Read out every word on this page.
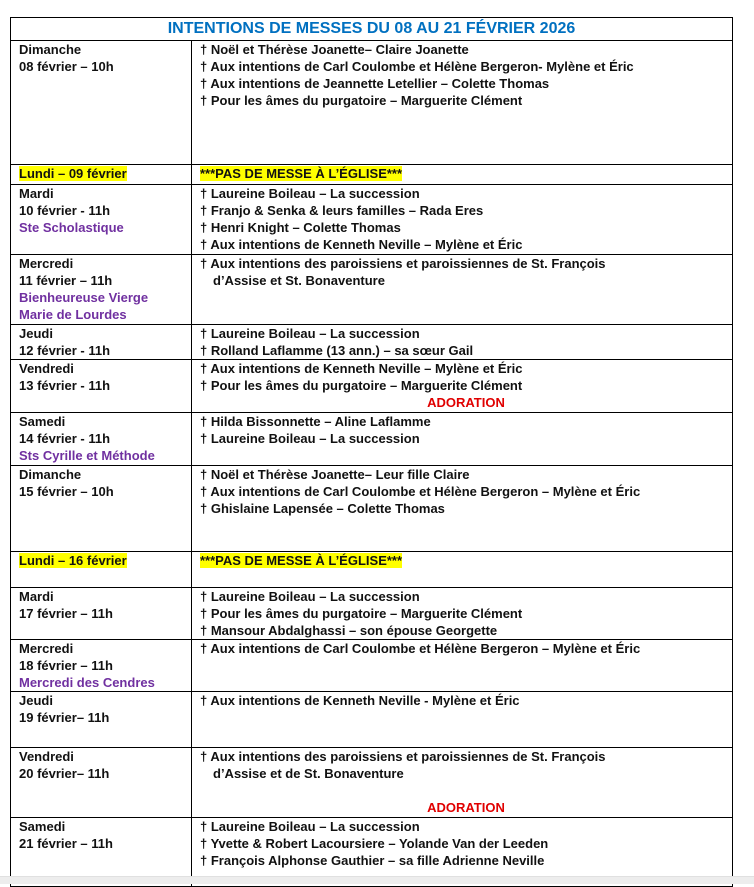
INTENTIONS DE MESSES DU 08 AU 21 FÉVRIER 2026	

Dimanche
08 février – 10h	† Noël et Thérèse Joanette– Claire Joanette
† Aux intentions de Carl Coulombe et Hélène Bergeron- Mylène et Éric
† Aux intentions de Jeannette Letellier – Colette Thomas
† Pour les âmes du purgatoire – Marguerite Clément

Lundi – 09 février	***PAS DE MESSE À L’ÉGLISE***

Mardi
10 février - 11h
Ste Scholastique	† Laureine Boileau – La succession
† Franjo & Senka & leurs familles – Rada Eres
† Henri Knight – Colette Thomas
† Aux intentions de Kenneth Neville – Mylène et Éric

Mercredi
11 février – 11h
Bienheureuse Vierge
Marie de Lourdes	† Aux intentions des paroissiens et paroissiennes de St. François
d’Assise et St. Bonaventure

Jeudi
12 février - 11h	† Laureine Boileau – La succession
† Rolland Laflamme (13 ann.) – sa sœur Gail

Vendredi
13 février - 11h	† Aux intentions de Kenneth Neville – Mylène et Éric
† Pour les âmes du purgatoire – Marguerite Clément
ADORATION

Samedi
14 février - 11h
Sts Cyrille et Méthode	† Hilda Bissonnette – Aline Laflamme
† Laureine Boileau – La succession

Dimanche
15 février – 10h	† Noël et Thérèse Joanette– Leur fille Claire
† Aux intentions de Carl Coulombe et Hélène Bergeron – Mylène et Éric
† Ghislaine Lapensée – Colette Thomas

Lundi – 16 février	***PAS DE MESSE À L’ÉGLISE***

Mardi
17 février – 11h	† Laureine Boileau – La succession
† Pour les âmes du purgatoire – Marguerite Clément
† Mansour Abdalghassi – son épouse Georgette

Mercredi
18 février – 11h
Mercredi des Cendres	† Aux intentions de Carl Coulombe et Hélène Bergeron – Mylène et Éric

Jeudi
19 février– 11h	† Aux intentions de Kenneth Neville - Mylène et Éric

Vendredi
20 février– 11h	† Aux intentions des paroissiens et paroissiennes de St. François
d’Assise et de St. Bonaventure
ADORATION

Samedi
21 février – 11h	† Laureine Boileau – La succession
† Yvette & Robert Lacoursiere – Yolande Van der Leeden
† François Alphonse Gauthier – sa fille Adrienne Neville
